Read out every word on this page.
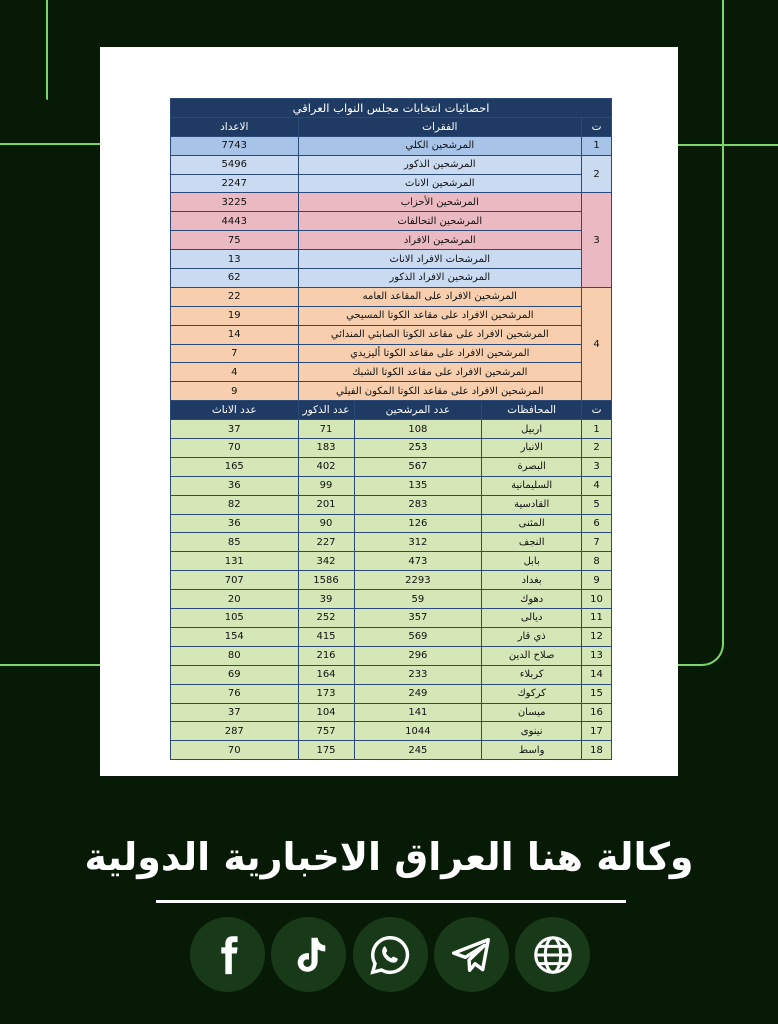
احصائيات انتخابات مجلس النواب العراقي				
ت	الفقرات			الاعداد
1	المرشحين الكلي			7743
2	المرشحين الذكور			5496
	المرشحين الاناث			2247
3	المرشحين الأحزاب			3225
	المرشحين التحالفات			4443
	المرشحين الافراد			75
	المرشحات الافراد الاناث			13
	المرشحين الافراد الذكور			62
4	المرشحين الافراد على المقاعد العامه			22
	المرشحين الافراد على مقاعد الكوتا المسيحي			19
	المرشحين الافراد على مقاعد الكوتا الصابئي المندائي			14
	المرشحين الافراد على مقاعد الكوتا أليزيدي			7
	المرشحين الافراد على مقاعد الكوتا الشبك			4
	المرشحين الافراد على مقاعد الكوتا المكون الفيلي			9
ت	المحافظات	عدد المرشحين	عدد الذكور	عدد الاناث
1	اربيل	108	71	37
2	الانبار	253	183	70
3	البصرة	567	402	165
4	السليمانية	135	99	36
5	القادسية	283	201	82
6	المثنى	126	90	36
7	النجف	312	227	85
8	بابل	473	342	131
9	بغداد	2293	1586	707
10	دهوك	59	39	20
11	ديالى	357	252	105
12	ذي قار	569	415	154
13	صلاح الدين	296	216	80
14	كربلاء	233	164	69
15	كركوك	249	173	76
16	ميسان	141	104	37
17	نينوى	1044	757	287
18	واسط	245	175	70
وكالة هنا العراق الاخبارية الدولية
